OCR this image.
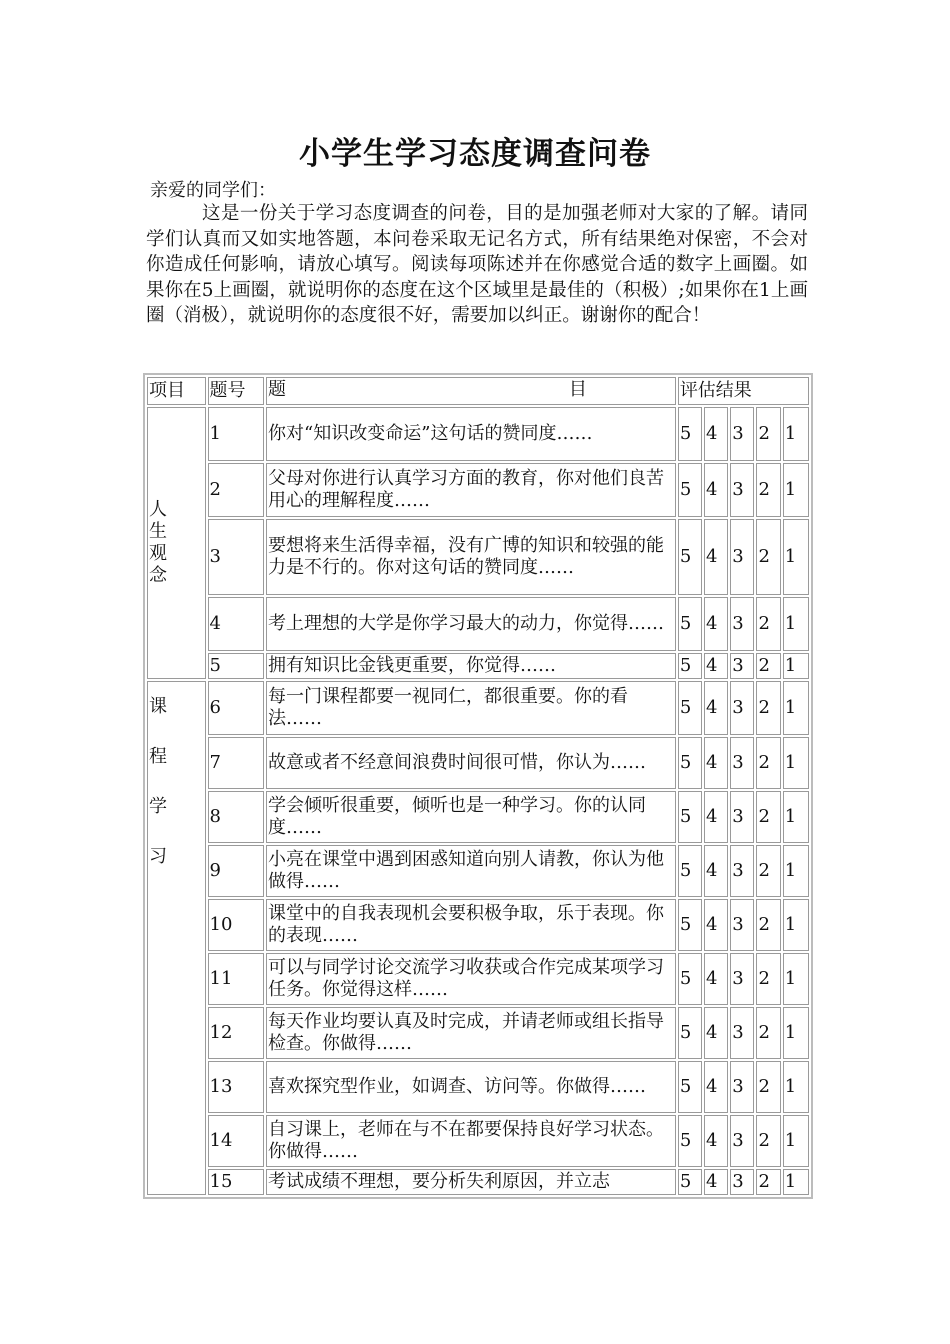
小学生学习态度调查问卷
亲爱的同学们：
这是一份关于学习态度调查的问卷，目的是加强老师对大家的了解。请同学们认真而又如实地答题，本问卷采取无记名方式，所有结果绝对保密，不会对你造成任何影响，请放心填写。阅读每项陈述并在你感觉合适的数字上画圈。如果你在5上画圈，就说明你的态度在这个区域里是最佳的（积极）;如果你在1上画圈（消极），就说明你的态度很不好，需要加以纠正。谢谢你的配合！
项目	题号	题 目	评估结果				

人
生
观
念	1	你对“知识改变命运”这句话的赞同度……	5	4	3	2	1
	2	父母对你进行认真学习方面的教育，你对他们良苦用心的理解程度……	5	4	3	2	1
	3	要想将来生活得幸福，没有广博的知识和较强的能力是不行的。你对这句话的赞同度……	5	4	3	2	1
	4	考上理想的大学是你学习最大的动力，你觉得……	5	4	3	2	1
	5	拥有知识比金钱更重要，你觉得……	5	4	3	2	1

课
程
学
习	6	每一门课程都要一视同仁，都很重要。你的看法……	5	4	3	2	1
	7	故意或者不经意间浪费时间很可惜，你认为……	5	4	3	2	1
	8	学会倾听很重要，倾听也是一种学习。你的认同度……	5	4	3	2	1
	9	小亮在课堂中遇到困惑知道向别人请教，你认为他做得……	5	4	3	2	1
	10	课堂中的自我表现机会要积极争取，乐于表现。你的表现……	5	4	3	2	1
	11	可以与同学讨论交流学习收获或合作完成某项学习任务。你觉得这样……	5	4	3	2	1
	12	每天作业均要认真及时完成，并请老师或组长指导检查。你做得……	5	4	3	2	1
	13	喜欢探究型作业，如调查、访问等。你做得……	5	4	3	2	1
	14	自习课上，老师在与不在都要保持良好学习状态。你做得……	5	4	3	2	1
	15	考试成绩不理想，要分析失利原因，并立志	5	4	3	2	1
